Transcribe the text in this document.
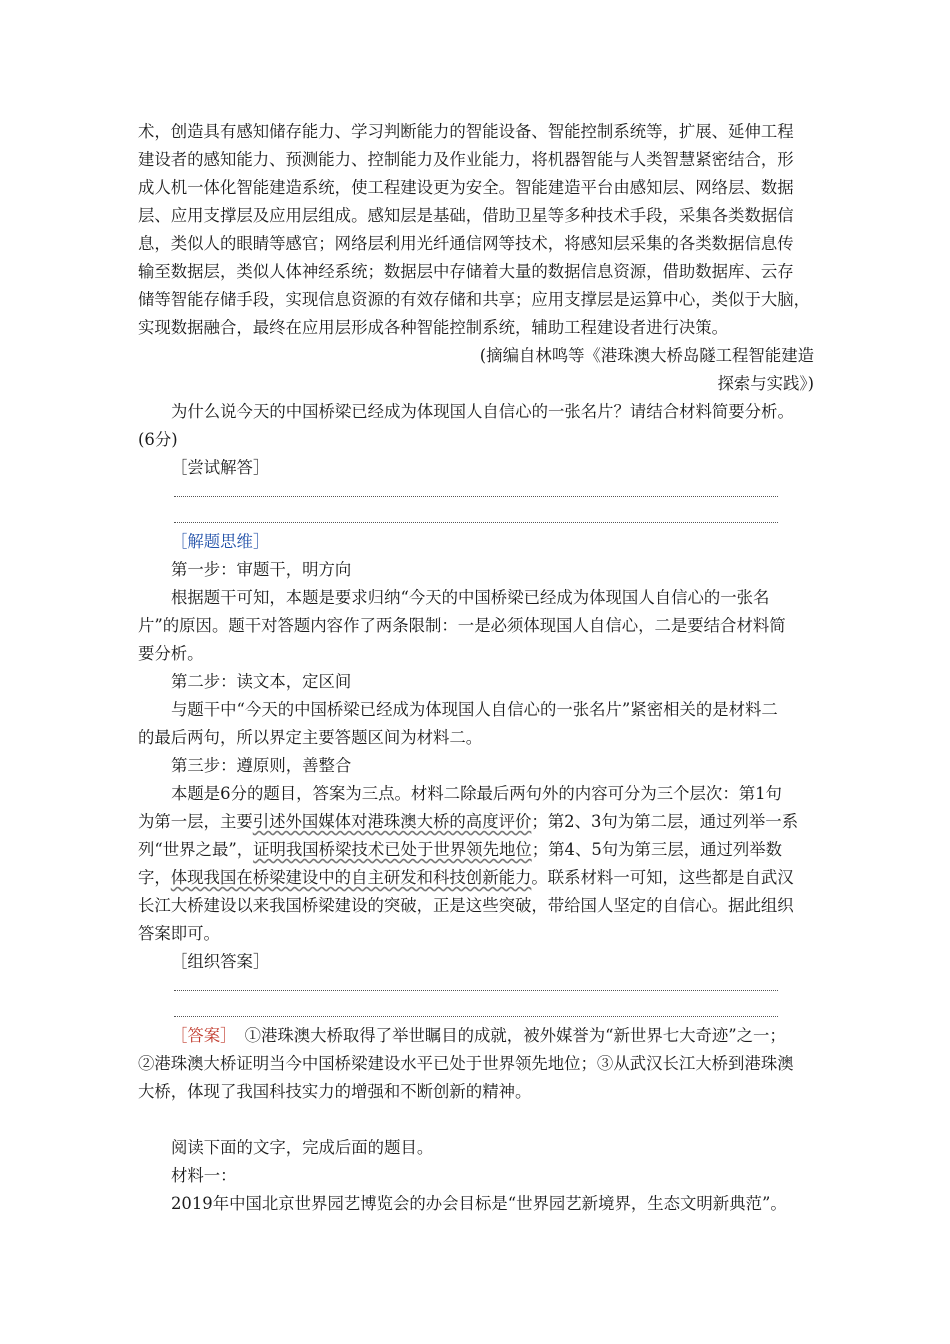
术，创造具有感知储存能力、学习判断能力的智能设备、智能控制系统等，扩展、延伸工程
建设者的感知能力、预测能力、控制能力及作业能力，将机器智能与人类智慧紧密结合，形
成人机一体化智能建造系统，使工程建设更为安全。智能建造平台由感知层、网络层、数据
层、应用支撑层及应用层组成。感知层是基础，借助卫星等多种技术手段，采集各类数据信
息，类似人的眼睛等感官；网络层利用光纤通信网等技术，将感知层采集的各类数据信息传
输至数据层，类似人体神经系统；数据层中存储着大量的数据信息资源，借助数据库、云存
储等智能存储手段，实现信息资源的有效存储和共享；应用支撑层是运算中心，类似于大脑，
实现数据融合，最终在应用层形成各种智能控制系统，辅助工程建设者进行决策。
(摘编自林鸣等《港珠澳大桥岛隧工程智能建造
探索与实践》)
为什么说今天的中国桥梁已经成为体现国人自信心的一张名片？请结合材料简要分析。
(6分)
［尝试解答］
［解题思维］
第一步：审题干，明方向
根据题干可知，本题是要求归纳“今天的中国桥梁已经成为体现国人自信心的一张名
片”的原因。题干对答题内容作了两条限制：一是必须体现国人自信心，二是要结合材料简
要分析。
第二步：读文本，定区间
与题干中“今天的中国桥梁已经成为体现国人自信心的一张名片”紧密相关的是材料二
的最后两句，所以界定主要答题区间为材料二。
第三步：遵原则，善整合
本题是6分的题目，答案为三点。材料二除最后两句外的内容可分为三个层次：第1句
为第一层，主要引述外国媒体对港珠澳大桥的高度评价；第2、3句为第二层，通过列举一系
列“世界之最”，证明我国桥梁技术已处于世界领先地位；第4、5句为第三层，通过列举数
字，体现我国在桥梁建设中的自主研发和科技创新能力。联系材料一可知，这些都是自武汉
长江大桥建设以来我国桥梁建设的突破，正是这些突破，带给国人坚定的自信心。据此组织
答案即可。
［组织答案］
［答案］ ①港珠澳大桥取得了举世瞩目的成就，被外媒誉为“新世界七大奇迹”之一；
②港珠澳大桥证明当今中国桥梁建设水平已处于世界领先地位；③从武汉长江大桥到港珠澳
大桥，体现了我国科技实力的增强和不断创新的精神。
阅读下面的文字，完成后面的题目。
材料一：
2019年中国北京世界园艺博览会的办会目标是“世界园艺新境界，生态文明新典范”。
